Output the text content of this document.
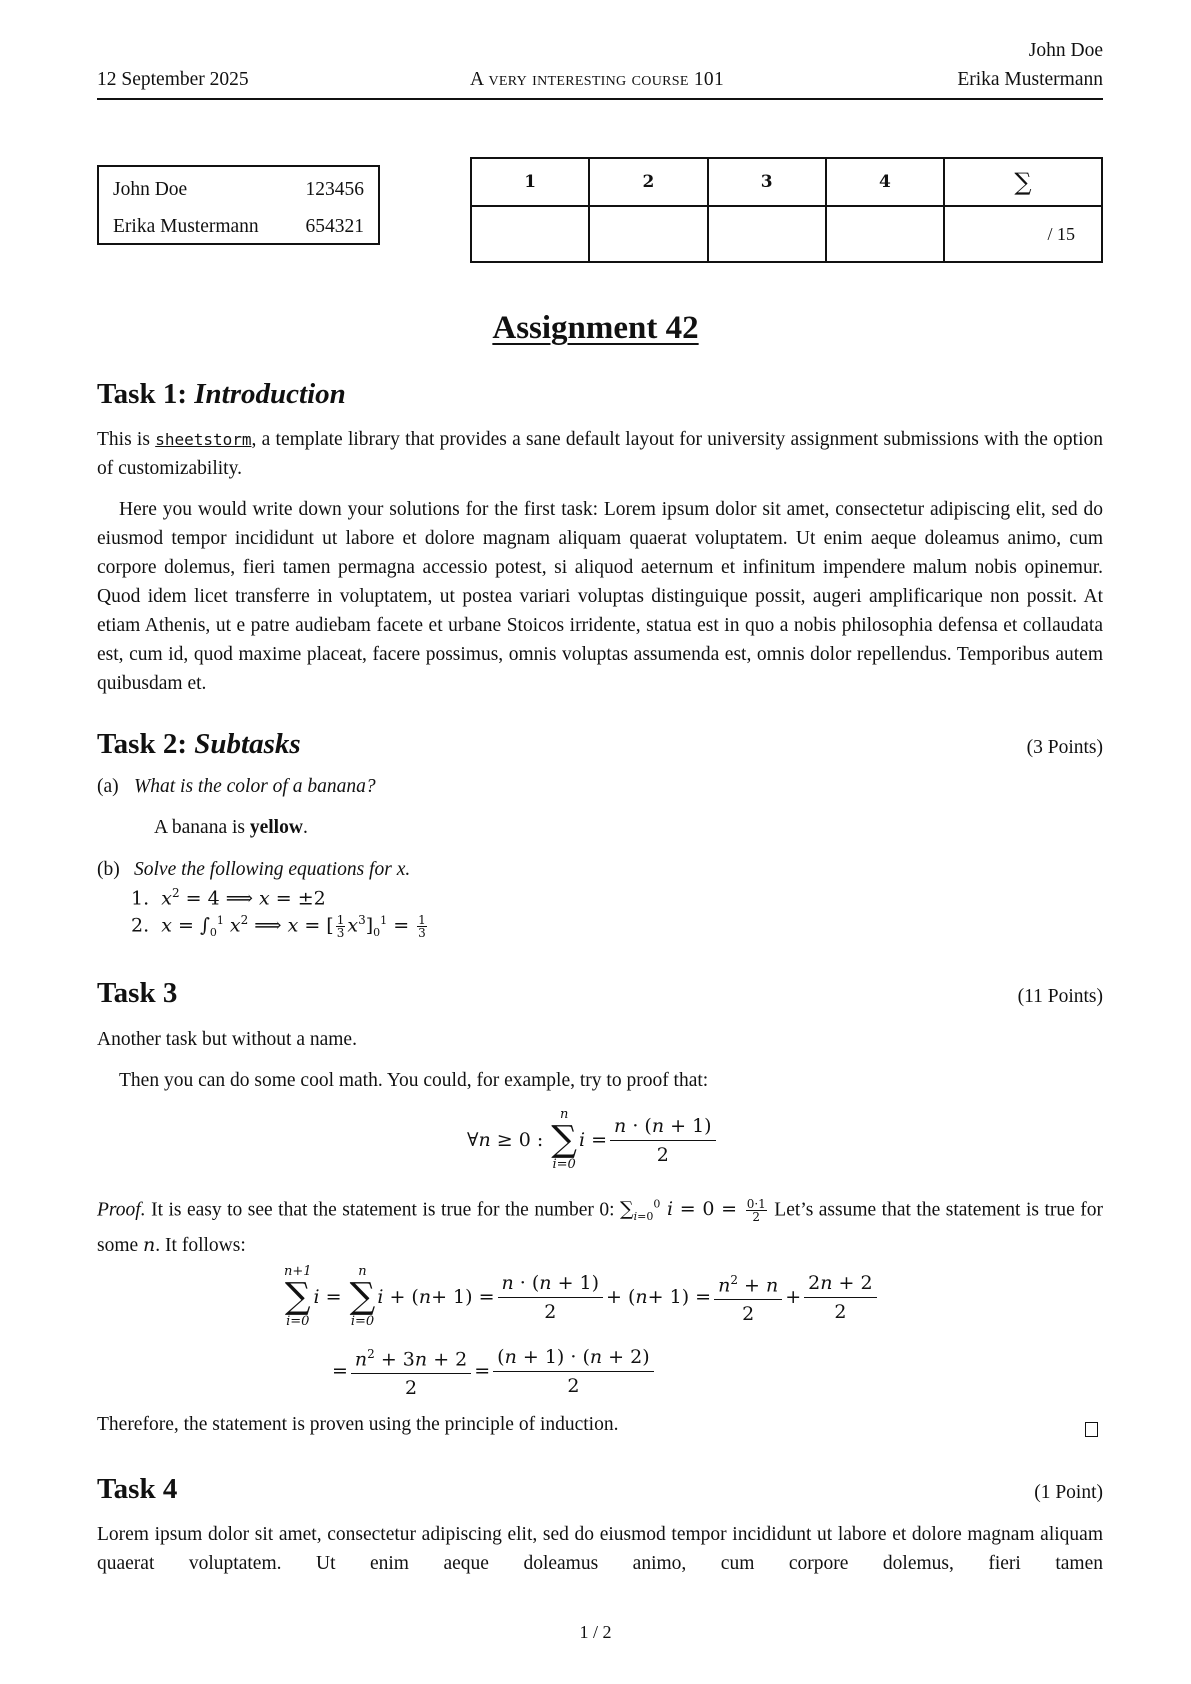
John Doe
12 September 2025	A very interesting course 101	Erika Mustermann
John Doe	123456
Erika Mustermann 654321
1	2	3	4	∑
				/ 15
Assignment 42
Task 1: Introduction
This is sheetstorm, a template library that provides a sane default layout for university assignment submissions with the option of customizability.
Here you would write down your solutions for the first task: Lorem ipsum dolor sit amet, consectetur adipiscing elit, sed do eiusmod tempor incididunt ut labore et dolore magnam aliquam quaerat voluptatem. Ut enim aeque doleamus animo, cum corpore dolemus, fieri tamen permagna accessio potest, si aliquod aeternum et infinitum impendere malum nobis opinemur. Quod idem licet transferre in voluptatem, ut postea variari voluptas distinguique possit, augeri amplificarique non possit. At etiam Athenis, ut e patre audiebam facete et urbane Stoicos irridente, statua est in quo a nobis philosophia defensa et collaudata est, cum id, quod maxime placeat, facere possimus, omnis voluptas assumenda est, omnis dolor repellendus. Temporibus autem quibusdam et.
Task 2: Subtasks	(3 Points)
(a) What is the color of a banana?
A banana is yellow.
(b) Solve the following equations for x.
1. $x^2 = 4$ ⟹ x = ±2
2. $x = \int_0^1$ $x^2$ ⟹ x = [ $\frac{1}{3} x^3]_0^1 = \frac{1}{3}$
Task 3	(11 Points)
Another task but without a name.
Then you can do some cool math. You could, for example, try to proof that:
∀n ≥ 0 :
n
∑
i=0
$i = \frac{n \cdot (n + 1)}{2}$
Proof. It is easy to see that the statement is true for the number 0: $\sum_{i=0}^0$ $i = 0 = \frac{0\cdot 1}{2}$ Let’s assume that the statement is true for some n. It follows:
n+1
∑
i=0
i =
n
∑
i=0
i + ( $n + 1) = \frac{n \cdot (n + 1)}{2}$ + ( $n + 1) = \frac{n^2 + n}{2} + \frac{2n + 2}{2}$
= $\frac{n^2 + 3n + 2}{2} = \frac{(n + 1) \cdot (n + 2)}{2}$
Therefore, the statement is proven using the principle of induction.
Task 4	(1 Point)
Lorem ipsum dolor sit amet, consectetur adipiscing elit, sed do eiusmod tempor incididunt ut labore et dolore magnam aliquam quaerat voluptatem. Ut enim aeque doleamus animo, cum corpore dolemus, fieri tamen
1 / 2
